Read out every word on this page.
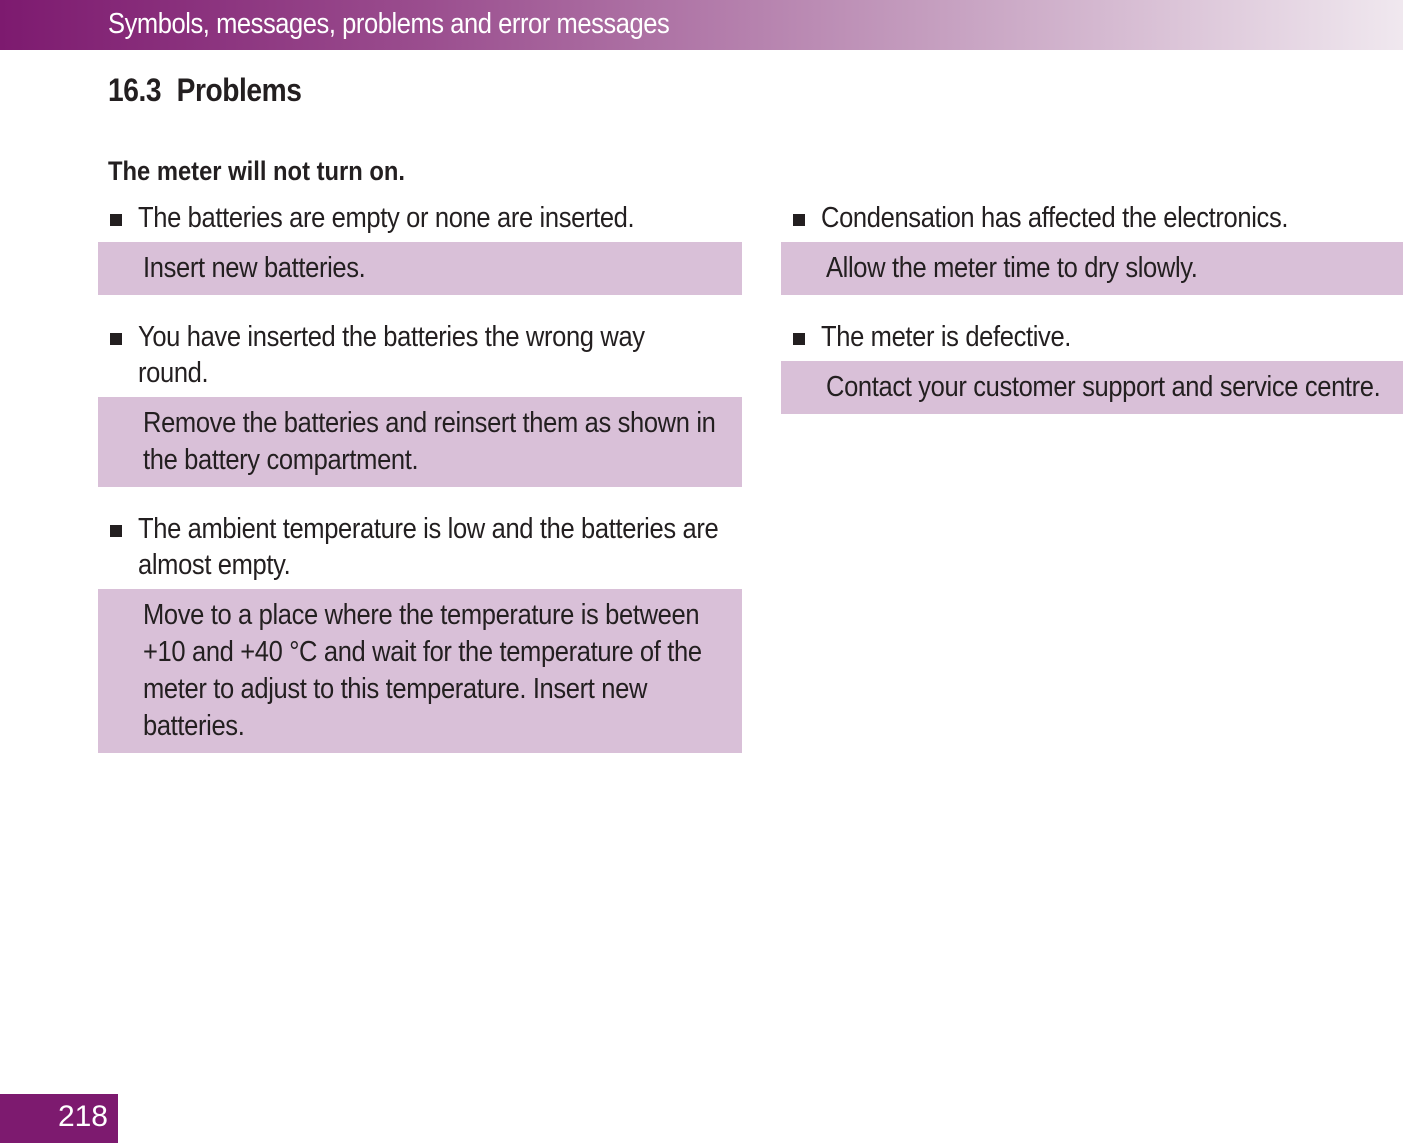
Symbols, messages, problems and error messages
16.3 Problems
The meter will not turn on.
The batteries are empty or none are inserted.
Insert new batteries.
You have inserted the batteries the wrong way round.
Remove the batteries and reinsert them as shown in the battery compartment.
The ambient temperature is low and the batteries are almost empty.
Move to a place where the temperature is between +10 and +40 °C and wait for the temperature of the meter to adjust to this temperature. Insert new batteries.
Condensation has affected the electronics.
Allow the meter time to dry slowly.
The meter is defective.
Contact your customer support and service centre.
218
